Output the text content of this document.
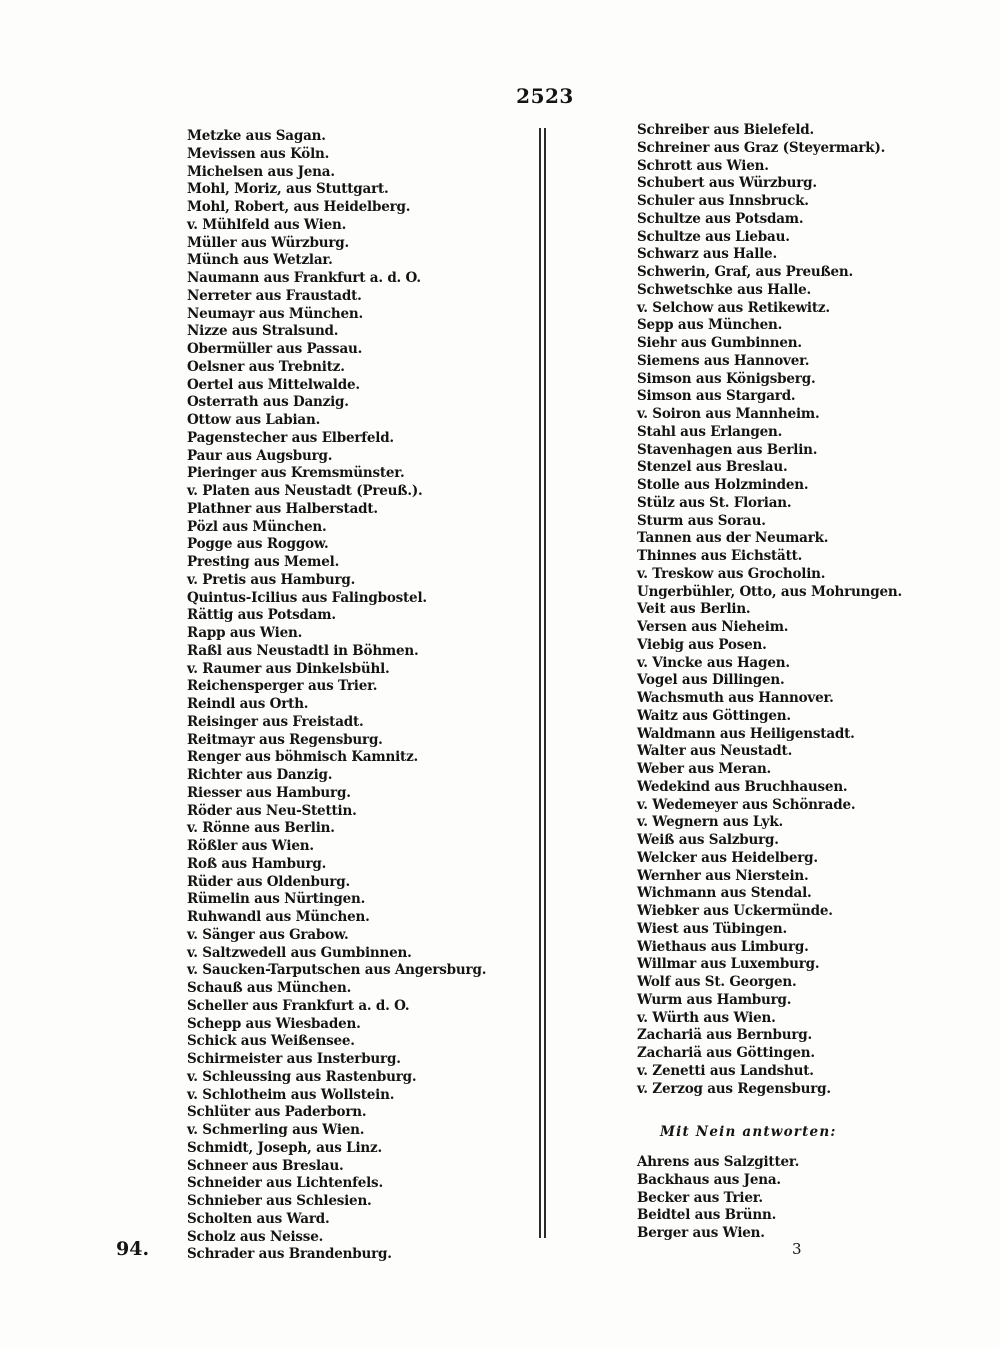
2523
Metzke aus Sagan.
Mevissen aus Köln.
Michelsen aus Jena.
Mohl, Moriz, aus Stuttgart.
Mohl, Robert, aus Heidelberg.
v. Mühlfeld aus Wien.
Müller aus Würzburg.
Münch aus Wetzlar.
Naumann aus Frankfurt a. d. O.
Nerreter aus Fraustadt.
Neumayr aus München.
Nizze aus Stralsund.
Obermüller aus Passau.
Oelsner aus Trebnitz.
Oertel aus Mittelwalde.
Osterrath aus Danzig.
Ottow aus Labian.
Pagenstecher aus Elberfeld.
Paur aus Augsburg.
Pieringer aus Kremsmünster.
v. Platen aus Neustadt (Preuß.).
Plathner aus Halberstadt.
Pözl aus München.
Pogge aus Roggow.
Presting aus Memel.
v. Pretis aus Hamburg.
Quintus-Icilius aus Falingbostel.
Rättig aus Potsdam.
Rapp aus Wien.
Raßl aus Neustadtl in Böhmen.
v. Raumer aus Dinkelsbühl.
Reichensperger aus Trier.
Reindl aus Orth.
Reisinger aus Freistadt.
Reitmayr aus Regensburg.
Renger aus böhmisch Kamnitz.
Richter aus Danzig.
Riesser aus Hamburg.
Röder aus Neu-Stettin.
v. Rönne aus Berlin.
Rößler aus Wien.
Roß aus Hamburg.
Rüder aus Oldenburg.
Rümelin aus Nürtingen.
Ruhwandl aus München.
v. Sänger aus Grabow.
v. Saltzwedell aus Gumbinnen.
v. Saucken-Tarputschen aus Angersburg.
Schauß aus München.
Scheller aus Frankfurt a. d. O.
Schepp aus Wiesbaden.
Schick aus Weißensee.
Schirmeister aus Insterburg.
v. Schleussing aus Rastenburg.
v. Schlotheim aus Wollstein.
Schlüter aus Paderborn.
v. Schmerling aus Wien.
Schmidt, Joseph, aus Linz.
Schneer aus Breslau.
Schneider aus Lichtenfels.
Schnieber aus Schlesien.
Scholten aus Ward.
Scholz aus Neisse.
Schrader aus Brandenburg.
Schreiber aus Bielefeld.
Schreiner aus Graz (Steyermark).
Schrott aus Wien.
Schubert aus Würzburg.
Schuler aus Innsbruck.
Schultze aus Potsdam.
Schultze aus Liebau.
Schwarz aus Halle.
Schwerin, Graf, aus Preußen.
Schwetschke aus Halle.
v. Selchow aus Retikewitz.
Sepp aus München.
Siehr aus Gumbinnen.
Siemens aus Hannover.
Simson aus Königsberg.
Simson aus Stargard.
v. Soiron aus Mannheim.
Stahl aus Erlangen.
Stavenhagen aus Berlin.
Stenzel aus Breslau.
Stolle aus Holzminden.
Stülz aus St. Florian.
Sturm aus Sorau.
Tannen aus der Neumark.
Thinnes aus Eichstätt.
v. Treskow aus Grocholin.
Ungerbühler, Otto, aus Mohrungen.
Veit aus Berlin.
Versen aus Nieheim.
Viebig aus Posen.
v. Vincke aus Hagen.
Vogel aus Dillingen.
Wachsmuth aus Hannover.
Waitz aus Göttingen.
Waldmann aus Heiligenstadt.
Walter aus Neustadt.
Weber aus Meran.
Wedekind aus Bruchhausen.
v. Wedemeyer aus Schönrade.
v. Wegnern aus Lyk.
Weiß aus Salzburg.
Welcker aus Heidelberg.
Wernher aus Nierstein.
Wichmann aus Stendal.
Wiebker aus Uckermünde.
Wiest aus Tübingen.
Wiethaus aus Limburg.
Willmar aus Luxemburg.
Wolf aus St. Georgen.
Wurm aus Hamburg.
v. Würth aus Wien.
Zachariä aus Bernburg.
Zachariä aus Göttingen.
v. Zenetti aus Landshut.
v. Zerzog aus Regensburg.
Mit Nein antworten:
Ahrens aus Salzgitter.
Backhaus aus Jena.
Becker aus Trier.
Beidtel aus Brünn.
Berger aus Wien.
94.	3
